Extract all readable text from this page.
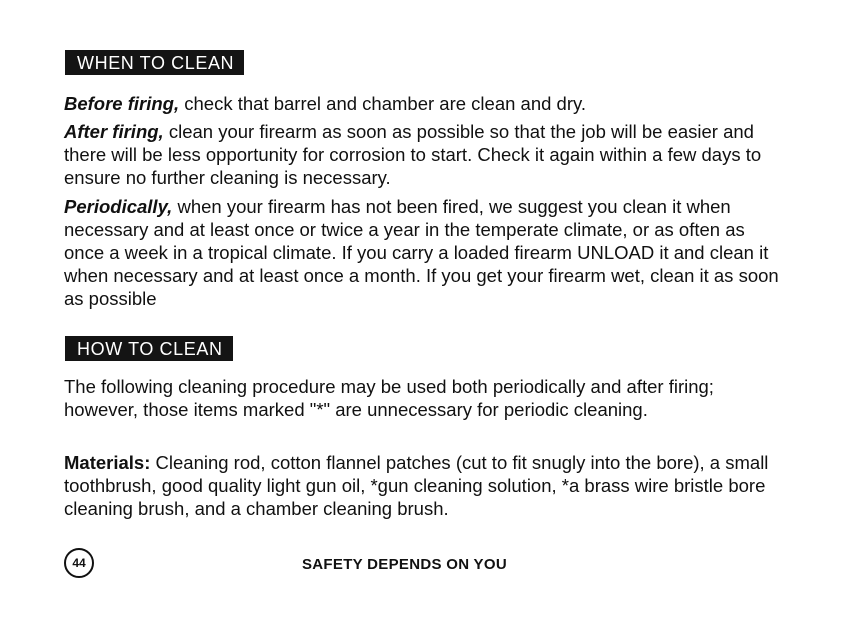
WHEN TO CLEAN

Before firing, check that barrel and chamber are clean and dry.

After firing, clean your firearm as soon as possible so that the job will be easier and there will be less opportunity for corrosion to start. Check it again within a few days to ensure no further cleaning is necessary.

Periodically, when your firearm has not been fired, we suggest you clean it when necessary and at least once or twice a year in the temperate climate, or as often as once a week in a tropical climate. If you carry a loaded firearm UNLOAD it and clean it when necessary and at least once a month. If you get your firearm wet, clean it as soon as possible

HOW TO CLEAN

The following cleaning procedure may be used both periodically and after firing; however, those items marked "*" are unnecessary for periodic cleaning.

Materials: Cleaning rod, cotton flannel patches (cut to fit snugly into the bore), a small toothbrush, good quality light gun oil, *gun cleaning solution, *a brass wire bristle bore cleaning brush, and a chamber cleaning brush.

44	SAFETY DEPENDS ON YOU
